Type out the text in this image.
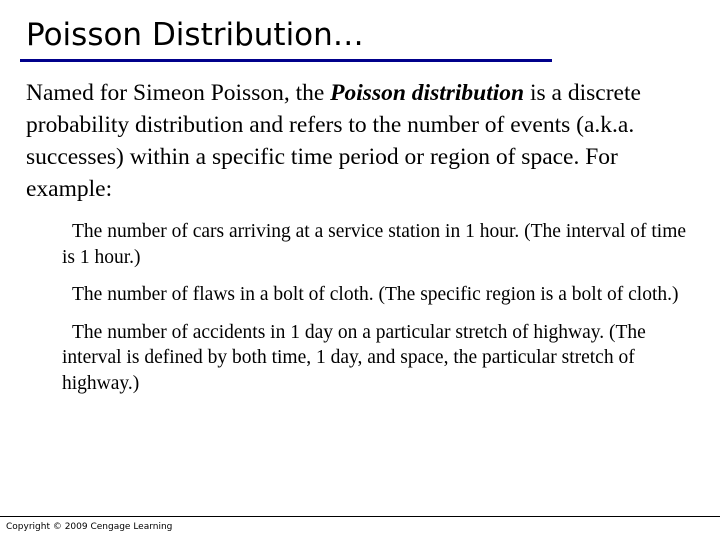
Poisson Distribution…

Named for Simeon Poisson, the Poisson distribution is a discrete probability distribution and refers to the number of events (a.k.a. successes) within a specific time period or region of space. For example:

The number of cars arriving at a service station in 1 hour. (The interval of time is 1 hour.)
The number of flaws in a bolt of cloth. (The specific region is a bolt of cloth.)
The number of accidents in 1 day on a particular stretch of highway. (The interval is defined by both time, 1 day, and space, the particular stretch of highway.)

Copyright © 2009 Cengage Learning
